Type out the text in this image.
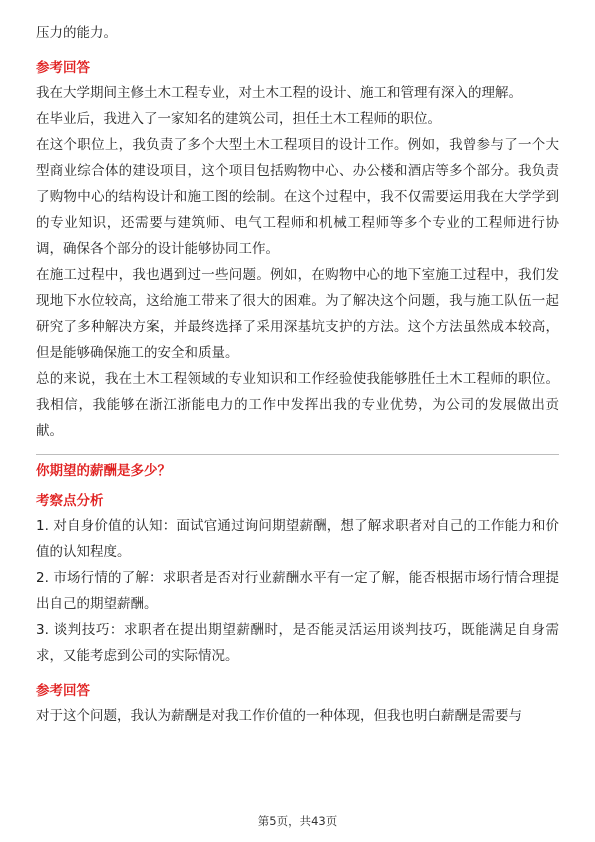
压力的能力。

参考回答

我在大学期间主修土木工程专业，对土木工程的设计、施工和管理有深入的理解。

在毕业后，我进入了一家知名的建筑公司，担任土木工程师的职位。

在这个职位上，我负责了多个大型土木工程项目的设计工作。例如，我曾参与了一个大型商业综合体的建设项目，这个项目包括购物中心、办公楼和酒店等多个部分。我负责了购物中心的结构设计和施工图的绘制。在这个过程中，我不仅需要运用我在大学学到的专业知识，还需要与建筑师、电气工程师和机械工程师等多个专业的工程师进行协调，确保各个部分的设计能够协同工作。

在施工过程中，我也遇到过一些问题。例如，在购物中心的地下室施工过程中，我们发现地下水位较高，这给施工带来了很大的困难。为了解决这个问题，我与施工队伍一起研究了多种解决方案，并最终选择了采用深基坑支护的方法。这个方法虽然成本较高，但是能够确保施工的安全和质量。

总的来说，我在土木工程领域的专业知识和工作经验使我能够胜任土木工程师的职位。我相信，我能够在浙江浙能电力的工作中发挥出我的专业优势，为公司的发展做出贡献。

你期望的薪酬是多少？

考察点分析

1. 对自身价值的认知：面试官通过询问期望薪酬，想了解求职者对自己的工作能力和价值的认知程度。

2. 市场行情的了解：求职者是否对行业薪酬水平有一定了解，能否根据市场行情合理提出自己的期望薪酬。

3. 谈判技巧：求职者在提出期望薪酬时，是否能灵活运用谈判技巧，既能满足自身需求，又能考虑到公司的实际情况。

参考回答

对于这个问题，我认为薪酬是对我工作价值的一种体现，但我也明白薪酬是需要与

第5页，共43页
